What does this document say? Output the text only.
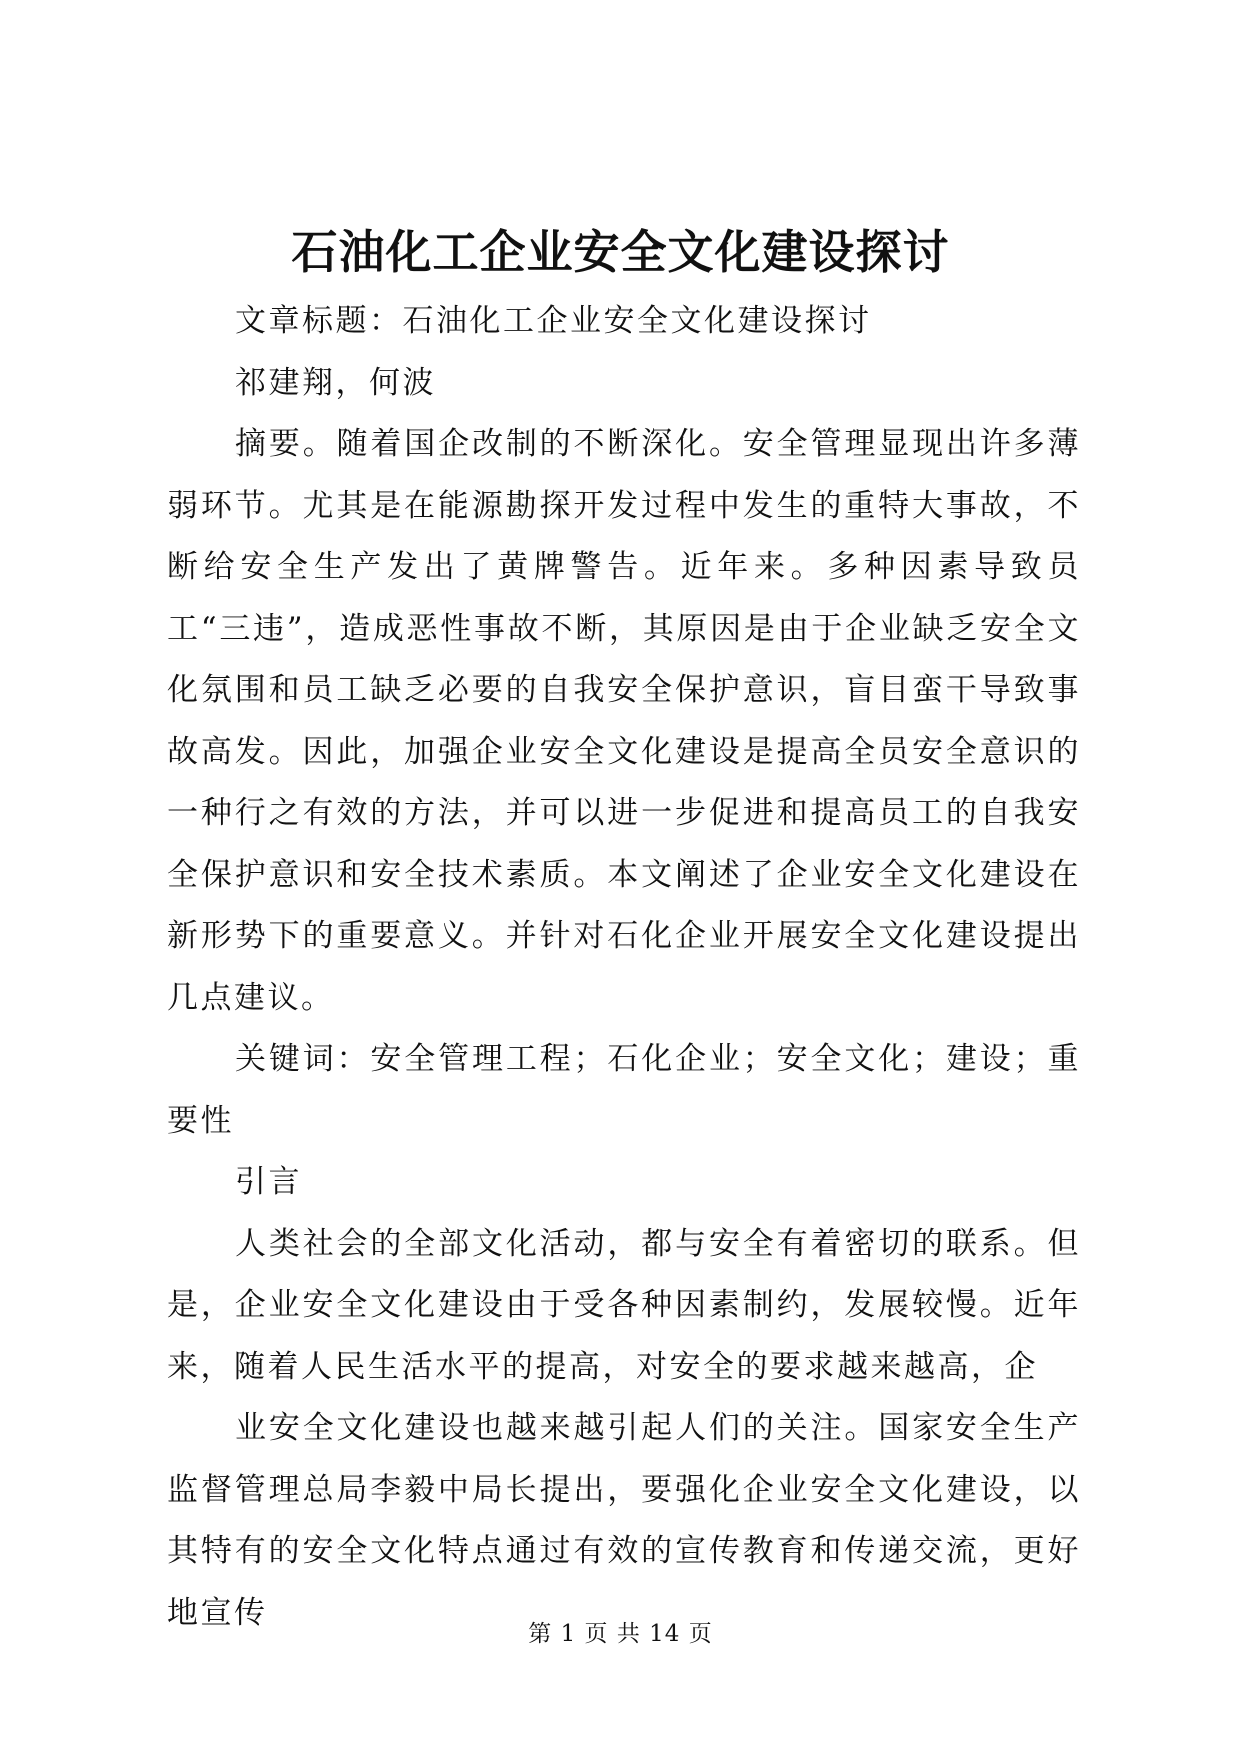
石油化工企业安全文化建设探讨

文章标题：石油化工企业安全文化建设探讨

祁建翔，何波

摘要。随着国企改制的不断深化。安全管理显现出许多薄弱环节。尤其是在能源勘探开发过程中发生的重特大事故，不断给安全生产发出了黄牌警告。近年来。多种因素导致员工“三违”，造成恶性事故不断，其原因是由于企业缺乏安全文化氛围和员工缺乏必要的自我安全保护意识，盲目蛮干导致事故高发。因此，加强企业安全文化建设是提高全员安全意识的一种行之有效的方法，并可以进一步促进和提高员工的自我安全保护意识和安全技术素质。本文阐述了企业安全文化建设在新形势下的重要意义。并针对石化企业开展安全文化建设提出几点建议。

关键词：安全管理工程；石化企业；安全文化；建设；重要性

引言

人类社会的全部文化活动，都与安全有着密切的联系。但是，企业安全文化建设由于受各种因素制约，发展较慢。近年来，随着人民生活水平的提高，对安全的要求越来越高，企

业安全文化建设也越来越引起人们的关注。国家安全生产监督管理总局李毅中局长提出，要强化企业安全文化建设，以其特有的安全文化特点通过有效的宣传教育和传递交流，更好地宣传

第 1 页 共 14 页
